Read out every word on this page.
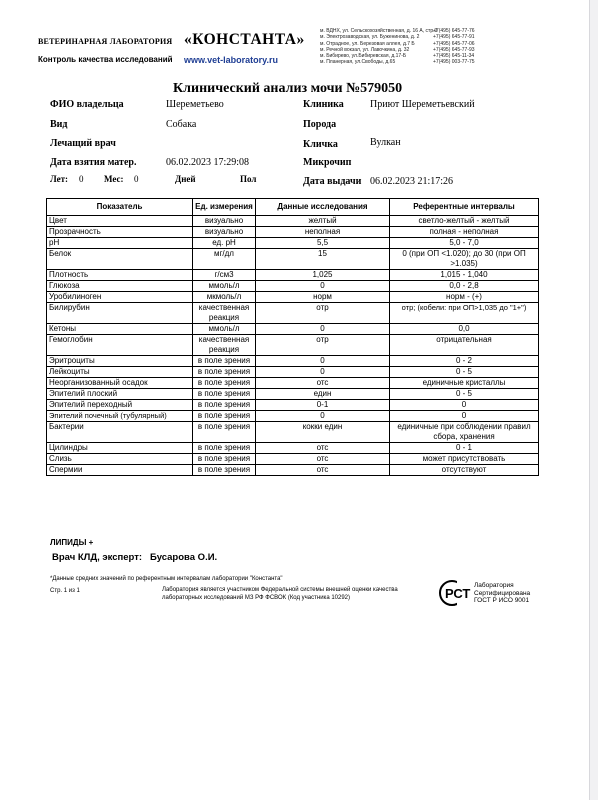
ВЕТЕРИНАРНАЯ ЛАБОРАТОРИЯ «КОНСТАНТА»
Контроль качества исследований www.vet-laboratory.ru
м. ВДНХ, ул. Сельскохозяйственная, д. 16 А, стр.3
м. Электрозаводская, ул. Буженинова, д. 2
м. Отрадное, ул. Березовая аллея, д.7 Б
м. Речной вокзал, ул. Лавочкина, д. 32
м. Бибирево, ул.Бибиревская, д.17-Б
м. Планерная, ул.Свободы, д.65
+7(495) 645-77-76
+7(495) 645-77-91
+7(495) 645-77-06
+7(495) 645-77-93
+7(495) 645-11-34
+7(495) 003-77-75
Клинический анализ мочи №579050
ФИО владельца	Шереметьево	Клиника	Приют Шереметьевский
Вид	Собака	Порода
Лечащий врач	Кличка	Вулкан
Дата взятия матер.	06.02.2023 17:29:08	Микрочип
Лет: 0 Мес: 0	Дней	Пол	Дата выдачи 06.02.2023 21:17:26
Показатель	Ед. измерения	Данные исследования	Референтные интервалы
Цвет	визуально	желтый	светло-желтый - желтый
Прозрачность	визуально	неполная	полная - неполная
pH	ед. pH	5,5	5,0 - 7,0
Белок	мг/дл	15	0 (при ОП <1.020); до 30 (при ОП >1.035)
Плотность	г/см3	1,025	1,015 - 1,040
Глюкоза	ммоль/л	0	0,0 - 2,8
Уробилиноген	мкмоль/л	норм	норм - (+)
Билирубин	качественная реакция	отр	отр; (кобели: при ОП>1,035 до "1+")
Кетоны	ммоль/л	0	0,0
Гемоглобин	качественная реакция	отр	отрицательная
Эритроциты	в поле зрения	0	0 - 2
Лейкоциты	в поле зрения	0	0 - 5
Неорганизованный осадок	в поле зрения	отс	единичные кристаллы
Эпителий плоский	в поле зрения	един	0 - 5
Эпителий переходный	в поле зрения	0-1	0
Эпителий почечный (тубулярный)	в поле зрения	0	0
Бактерии	в поле зрения	кокки един	единичные при соблюдении правил сбора, хранения
Цилиндры	в поле зрения	отс	0 - 1
Слизь	в поле зрения	отс	может присутствовать
Спермии	в поле зрения	отс	отсутствуют
ЛИПИДЫ +
Врач КЛД, эксперт: Бусарова О.И.
*Данные средних значений по референтным интервалам лаборатории "Константа"
Стр. 1 из 1	Лаборатория является участником Федеральной системы внешней оценки качества
лабораторных исследований МЗ РФ ФСВОК (Код участника 10292)	РСТ
Лаборатория
Сертифицирована
ГОСТ Р ИСО 9001
